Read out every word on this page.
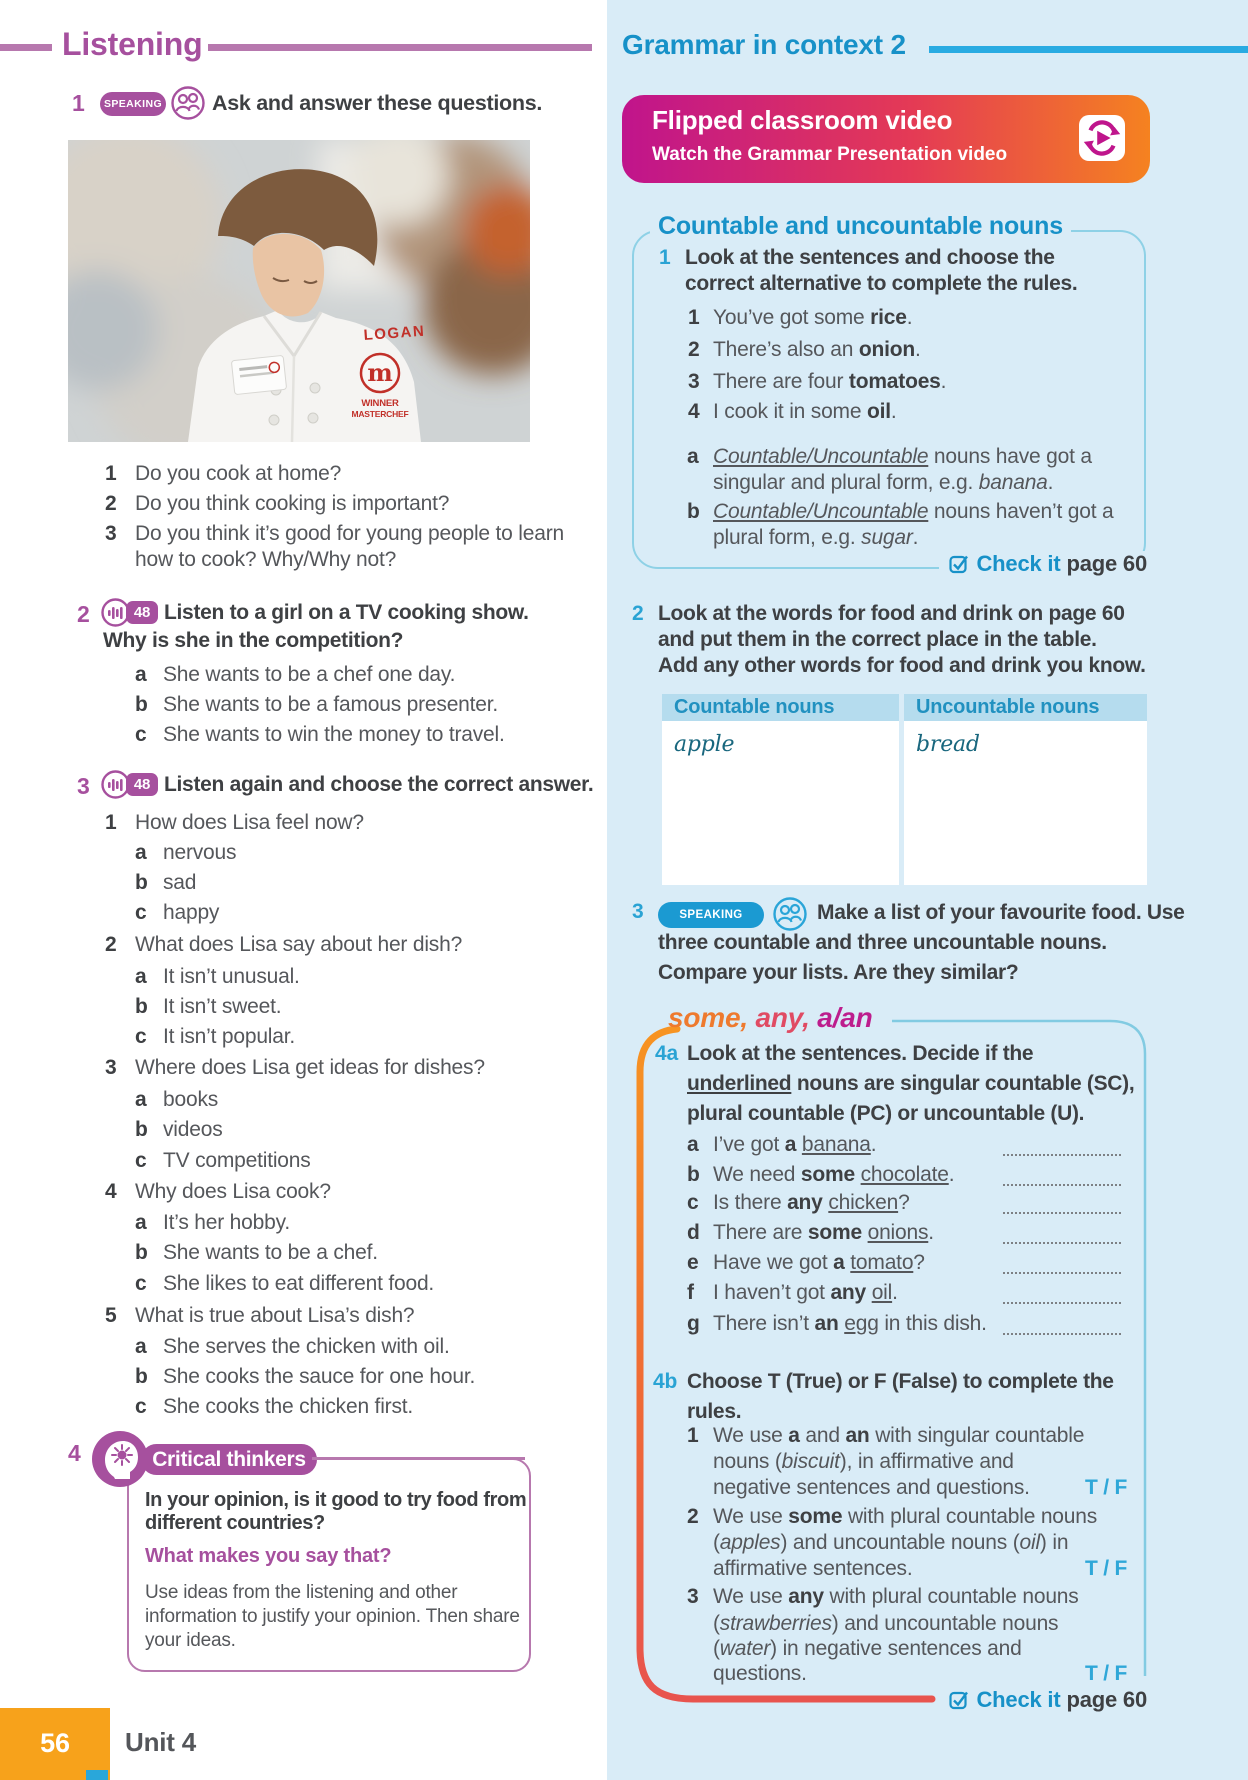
Grammar in context 2
Flipped classroom video
Watch the Grammar Presentation video
Countable and uncountable nouns
1 Look at the sentences and choose the
correct alternative to complete the rules.
1 You’ve got some rice.
2 There’s also an onion.
3 There are four tomatoes.
4 I cook it in some oil.
a Countable/Uncountable nouns have got a
singular and plural form, e.g. banana.
b Countable/Uncountable nouns haven’t got a
plural form, e.g. sugar.
Check it page 60
2 Look at the words for food and drink on page 60
and put them in the correct place in the table.
Add any other words for food and drink you know.
Countable nouns	Uncountable nouns
apple	bread
3	SPEAKING	Make a list of your favourite food. Use
three countable and three uncountable nouns.
Compare your lists. Are they similar?
some, any, a/an
4a Look at the sentences. Decide if the
underlined nouns are singular countable (SC),
plural countable (PC) or uncountable (U).
a I’ve got a banana.
b We need some chocolate.
c Is there any chicken?
d There are some onions.
e Have we got a tomato?
f I haven’t got any oil.
g There isn’t an egg in this dish.
4b Choose T (True) or F (False) to complete the
rules.
1 We use a and an with singular countable
nouns (biscuit), in affirmative and
negative sentences and questions.	T / F
2 We use some with plural countable nouns
(apples) and uncountable nouns (oil) in
affirmative sentences.	T / F
3 We use any with plural countable nouns
(strawberries) and uncountable nouns
(water) in negative sentences and
questions.	T / F
Check it page 60
Listening
1	SPEAKING Ask and answer these questions.
LOGAN
m
WINNER
MASTERCHEF
1 Do you cook at home?
2 Do you think cooking is important?
3 Do you think it’s good for young people to learn
how to cook? Why/Why not?
2	48 Listen to a girl on a TV cooking show.
Why is she in the competition?
a She wants to be a chef one day.
b She wants to be a famous presenter.
c She wants to win the money to travel.
3	48 Listen again and choose the correct answer.
1 How does Lisa feel now?
a nervous
b sad
c happy
2 What does Lisa say about her dish?
a It isn’t unusual.
b It isn’t sweet.
c It isn’t popular.
3 Where does Lisa get ideas for dishes?
a books
b videos
c TV competitions
4 Why does Lisa cook?
a It’s her hobby.
b She wants to be a chef.
c She likes to eat different food.
5 What is true about Lisa’s dish?
a She serves the chicken with oil.
b She cooks the sauce for one hour.
c She cooks the chicken first.
4	Critical thinkers
In your opinion, is it good to try food from
different countries?
What makes you say that?
Use ideas from the listening and other
information to justify your opinion. Then share
your ideas.
56	Unit 4
